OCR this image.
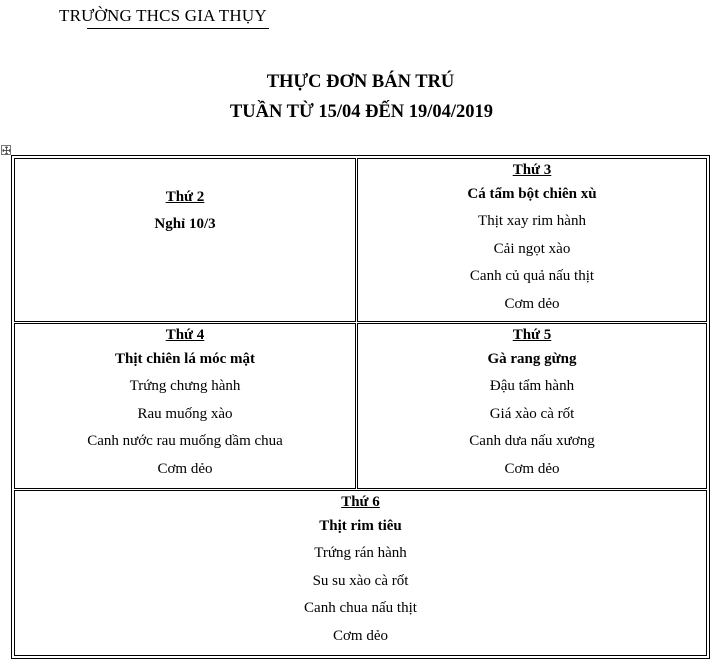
TRƯỜNG THCS GIA THỤY
THỰC ĐƠN BÁN TRÚ
TUẦN TỪ 15/04 ĐẾN 19/04/2019
Thứ 2
Nghỉ 10/3
Thứ 3
Cá tẩm bột chiên xù
Thịt xay rim hành
Cải ngọt xào
Canh củ quả nấu thịt
Cơm dẻo
Thứ 4
Thịt chiên lá móc mật
Trứng chưng hành
Rau muống xào
Canh nước rau muống dầm chua
Cơm dẻo
Thứ 5
Gà rang gừng
Đậu tẩm hành
Giá xào cà rốt
Canh dưa nấu xương
Cơm dẻo
Thứ 6
Thịt rim tiêu
Trứng rán hành
Su su xào cà rốt
Canh chua nấu thịt
Cơm dẻo
